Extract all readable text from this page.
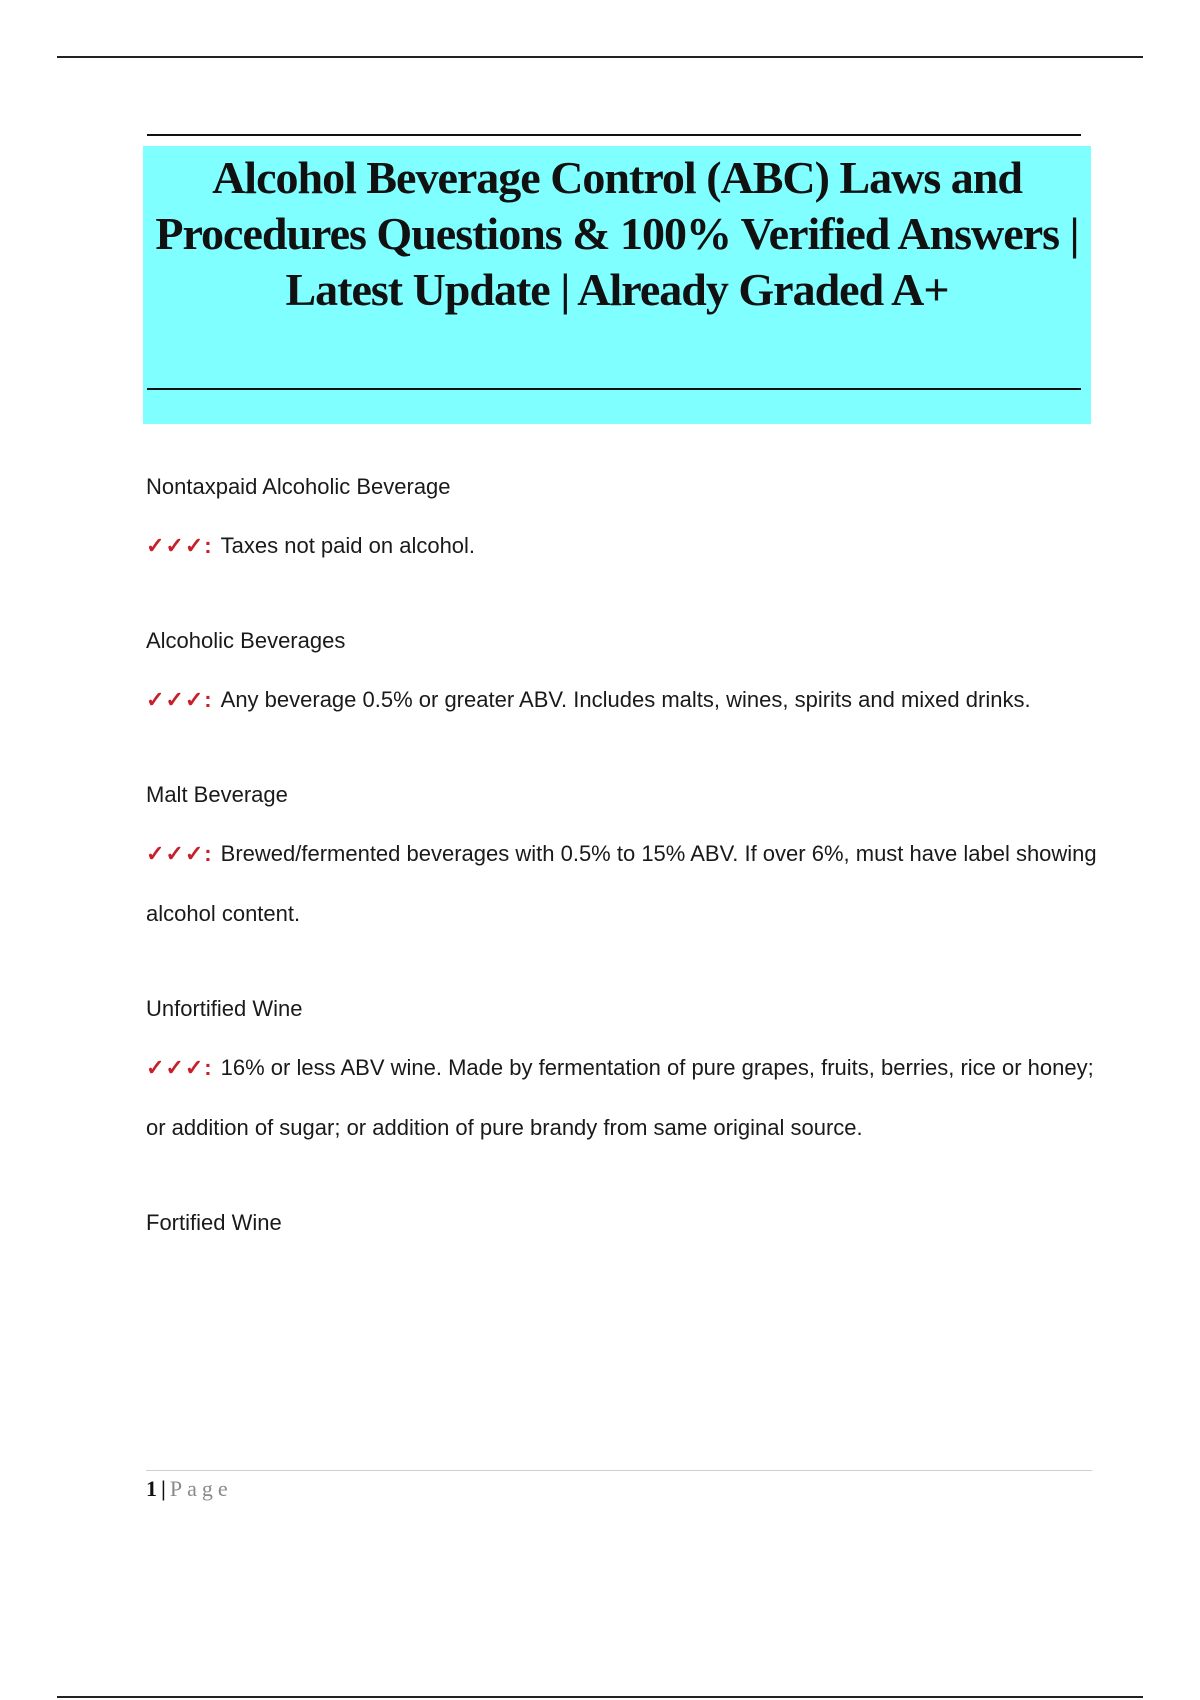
Alcohol Beverage Control (ABC) Laws and Procedures Questions & 100% Verified Answers | Latest Update | Already Graded A+
Nontaxpaid Alcoholic Beverage
✓✓✓: Taxes not paid on alcohol.
Alcoholic Beverages
✓✓✓: Any beverage 0.5% or greater ABV. Includes malts, wines, spirits and mixed drinks.
Malt Beverage
✓✓✓: Brewed/fermented beverages with 0.5% to 15% ABV. If over 6%, must have label showing alcohol content.
Unfortified Wine
✓✓✓: 16% or less ABV wine. Made by fermentation of pure grapes, fruits, berries, rice or honey; or addition of sugar; or addition of pure brandy from same original source.
Fortified Wine
1 | Page
